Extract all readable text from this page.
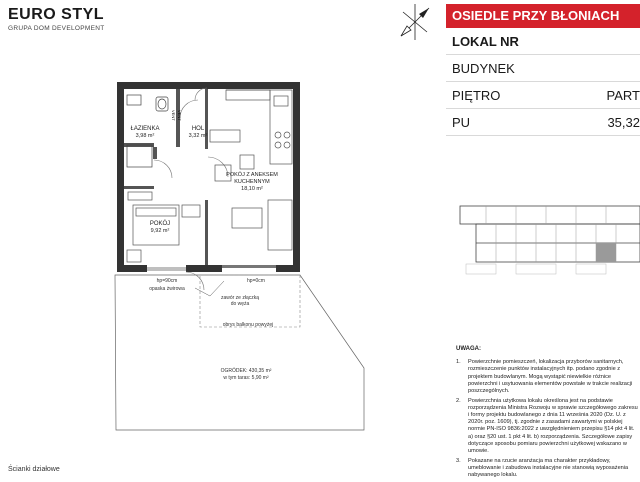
EURO STYL
GRUPA DOM DEVELOPMENT
VENT VENT
ŁAZIENKA
3,98 m²
HOL
3,32 m²
POKÓJ Z ANEKSEM
KUCHENNYM
18,10 m²
POKÓJ
9,92 m²
hp=90cm
opaska żwirowa
hp=0cm
zawór ze złączką
do węża
obrys balkonu powyżej
OGRÓDEK: 430,35 m²
w tym taras: 5,90 m²
OSIEDLE PRZY BŁONIACH
LOKAL NR
BUDYNEK
PIĘTRO	PART
PU	35,32
UWAGA:
1.	Powierzchnie pomieszczeń, lokalizacja przyborów sanitarnych, rozmieszczenie punktów instalacyjnych itp. podano zgodnie z projektem budowlanym. Mogą wystąpić niewielkie różnice powierzchni i usytuowania elementów powstałe w trakcie realizacji poszczególnych.
2.	Powierzchnia użytkowa lokalu określona jest na podstawie rozporządzenia Ministra Rozwoju w sprawie szczegółowego zakresu i formy projektu budowlanego z dnia 11 września 2020 (Dz. U. z 2020r. poz. 1609), tj. zgodnie z zasadami zawartymi w polskiej normie PN-ISO 9836:2022 z uwzględnieniem przepisu §14 pkt 4 lit. a) oraz §20 ust. 1 pkt 4 lit. b) rozporządzenia. Szczegółowe zapisy dotyczące sposobu pomiaru powierzchni użytkowej wskazano w umowie.
3.	Pokazane na rzucie aranżacja ma charakter przykładowy, umeblowanie i zabudowa instalacyjne nie stanowią wyposażenia nabywanego lokalu.
Ścianki działowe
